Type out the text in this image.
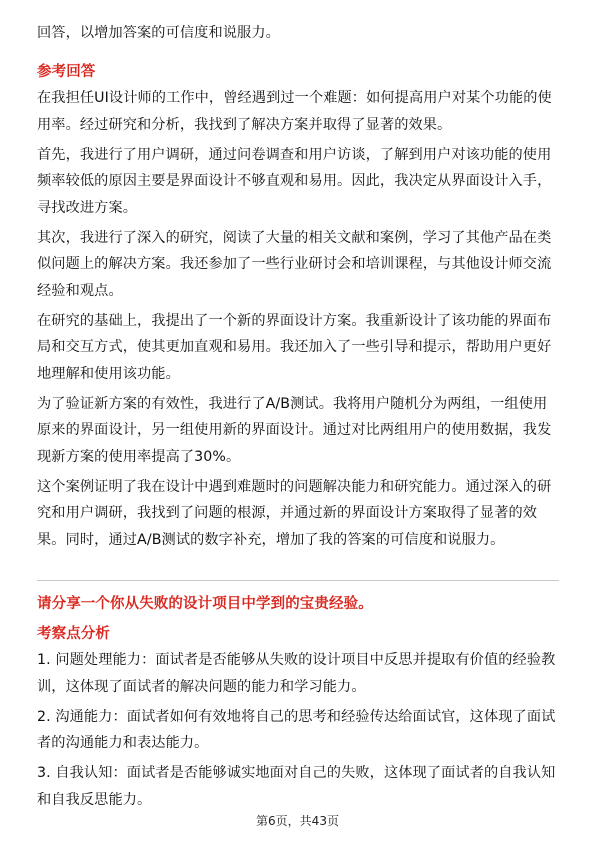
回答，以增加答案的可信度和说服力。

参考回答

在我担任UI设计师的工作中，曾经遇到过一个难题：如何提高用户对某个功能的使用率。经过研究和分析，我找到了解决方案并取得了显著的效果。

首先，我进行了用户调研，通过问卷调查和用户访谈，了解到用户对该功能的使用频率较低的原因主要是界面设计不够直观和易用。因此，我决定从界面设计入手，寻找改进方案。

其次，我进行了深入的研究，阅读了大量的相关文献和案例，学习了其他产品在类似问题上的解决方案。我还参加了一些行业研讨会和培训课程，与其他设计师交流经验和观点。

在研究的基础上，我提出了一个新的界面设计方案。我重新设计了该功能的界面布局和交互方式，使其更加直观和易用。我还加入了一些引导和提示，帮助用户更好地理解和使用该功能。

为了验证新方案的有效性，我进行了A/B测试。我将用户随机分为两组，一组使用原来的界面设计，另一组使用新的界面设计。通过对比两组用户的使用数据，我发现新方案的使用率提高了30%。

这个案例证明了我在设计中遇到难题时的问题解决能力和研究能力。通过深入的研究和用户调研，我找到了问题的根源，并通过新的界面设计方案取得了显著的效果。同时，通过A/B测试的数字补充，增加了我的答案的可信度和说服力。

请分享一个你从失败的设计项目中学到的宝贵经验。

考察点分析

1. 问题处理能力：面试者是否能够从失败的设计项目中反思并提取有价值的经验教训，这体现了面试者的解决问题的能力和学习能力。

2. 沟通能力：面试者如何有效地将自己的思考和经验传达给面试官，这体现了面试者的沟通能力和表达能力。

3. 自我认知：面试者是否能够诚实地面对自己的失败，这体现了面试者的自我认知和自我反思能力。

第6页，共43页
